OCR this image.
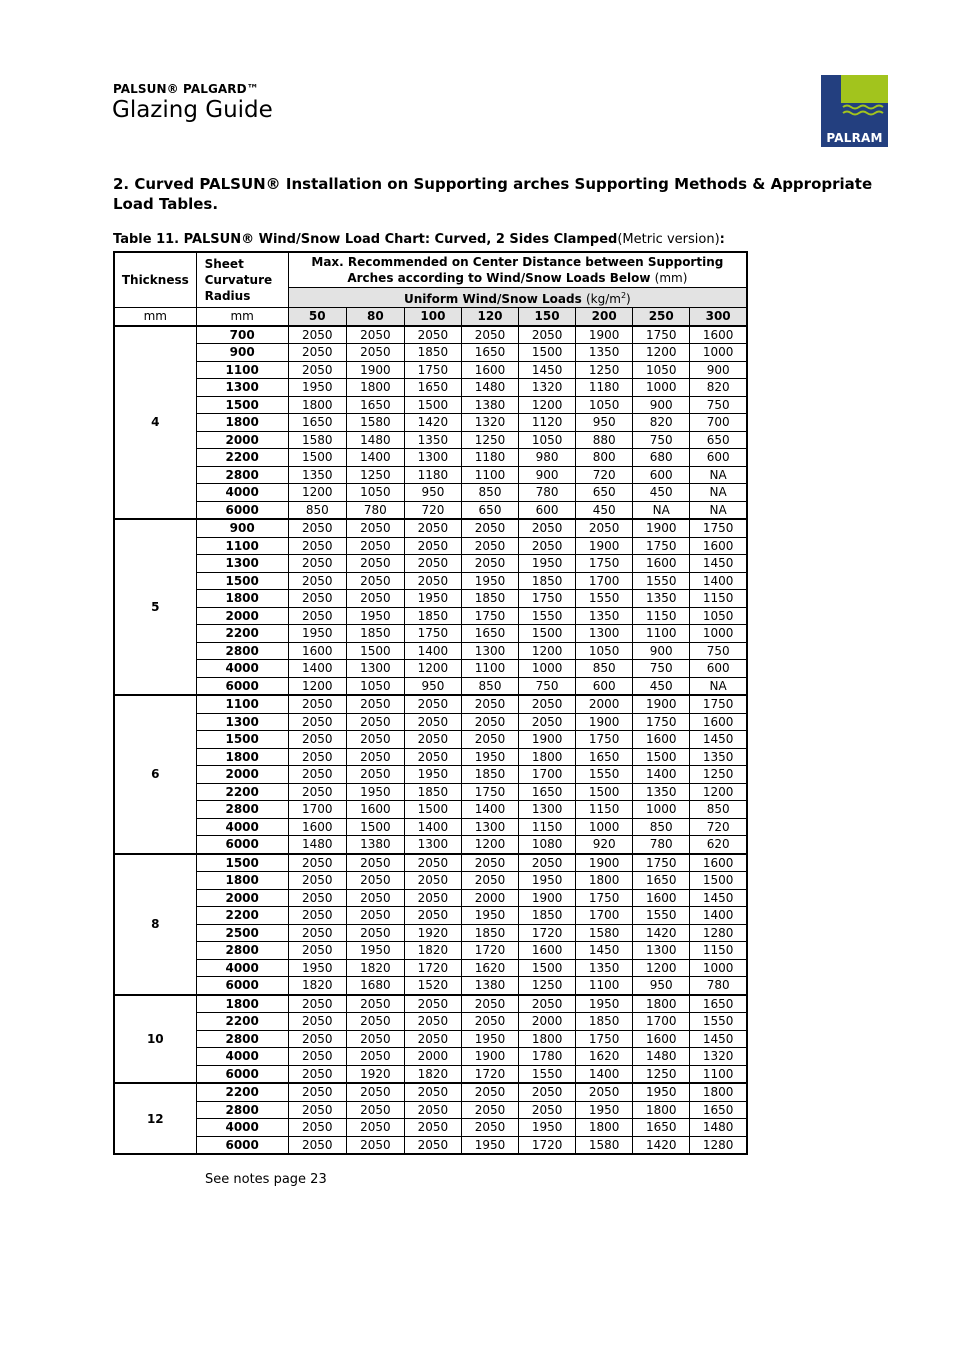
PALSUN® PALGARD™
Glazing Guide
PALRAM
2. Curved PALSUN® Installation on Supporting arches Supporting Methods & Appropriate Load Tables.
Table 11. PALSUN® Wind/Snow Load Chart: Curved, 2 Sides Clamped(Metric version):
Thickness	Sheet Curvature Radius	Max. Recommended on Center Distance between Supporting Arches according to Wind/Snow Loads Below (mm)							
		Uniform Wind/Snow Loads $(kg/m^2)$							
mm	mm	50	80	100	120	150	200	250	300
4	700	2050	2050	2050	2050	2050	1900	1750	1600
	900	2050	2050	1850	1650	1500	1350	1200	1000
	1100	2050	1900	1750	1600	1450	1250	1050	900
	1300	1950	1800	1650	1480	1320	1180	1000	820
	1500	1800	1650	1500	1380	1200	1050	900	750
	1800	1650	1580	1420	1320	1120	950	820	700
	2000	1580	1480	1350	1250	1050	880	750	650
	2200	1500	1400	1300	1180	980	800	680	600
	2800	1350	1250	1180	1100	900	720	600	NA
	4000	1200	1050	950	850	780	650	450	NA
	6000	850	780	720	650	600	450	NA	NA
5	900	2050	2050	2050	2050	2050	2050	1900	1750
	1100	2050	2050	2050	2050	2050	1900	1750	1600
	1300	2050	2050	2050	2050	1950	1750	1600	1450
	1500	2050	2050	2050	1950	1850	1700	1550	1400
	1800	2050	2050	1950	1850	1750	1550	1350	1150
	2000	2050	1950	1850	1750	1550	1350	1150	1050
	2200	1950	1850	1750	1650	1500	1300	1100	1000
	2800	1600	1500	1400	1300	1200	1050	900	750
	4000	1400	1300	1200	1100	1000	850	750	600
	6000	1200	1050	950	850	750	600	450	NA
6	1100	2050	2050	2050	2050	2050	2000	1900	1750
	1300	2050	2050	2050	2050	2050	1900	1750	1600
	1500	2050	2050	2050	2050	1900	1750	1600	1450
	1800	2050	2050	2050	1950	1800	1650	1500	1350
	2000	2050	2050	1950	1850	1700	1550	1400	1250
	2200	2050	1950	1850	1750	1650	1500	1350	1200
	2800	1700	1600	1500	1400	1300	1150	1000	850
	4000	1600	1500	1400	1300	1150	1000	850	720
	6000	1480	1380	1300	1200	1080	920	780	620
8	1500	2050	2050	2050	2050	2050	1900	1750	1600
	1800	2050	2050	2050	2050	1950	1800	1650	1500
	2000	2050	2050	2050	2000	1900	1750	1600	1450
	2200	2050	2050	2050	1950	1850	1700	1550	1400
	2500	2050	2050	1920	1850	1720	1580	1420	1280
	2800	2050	1950	1820	1720	1600	1450	1300	1150
	4000	1950	1820	1720	1620	1500	1350	1200	1000
	6000	1820	1680	1520	1380	1250	1100	950	780
10	1800	2050	2050	2050	2050	2050	1950	1800	1650
	2200	2050	2050	2050	2050	2000	1850	1700	1550
	2800	2050	2050	2050	1950	1800	1750	1600	1450
	4000	2050	2050	2000	1900	1780	1620	1480	1320
	6000	2050	1920	1820	1720	1550	1400	1250	1100
12	2200	2050	2050	2050	2050	2050	2050	1950	1800
	2800	2050	2050	2050	2050	2050	1950	1800	1650
	4000	2050	2050	2050	2050	1950	1800	1650	1480
	6000	2050	2050	2050	1950	1720	1580	1420	1280
See notes page 23
